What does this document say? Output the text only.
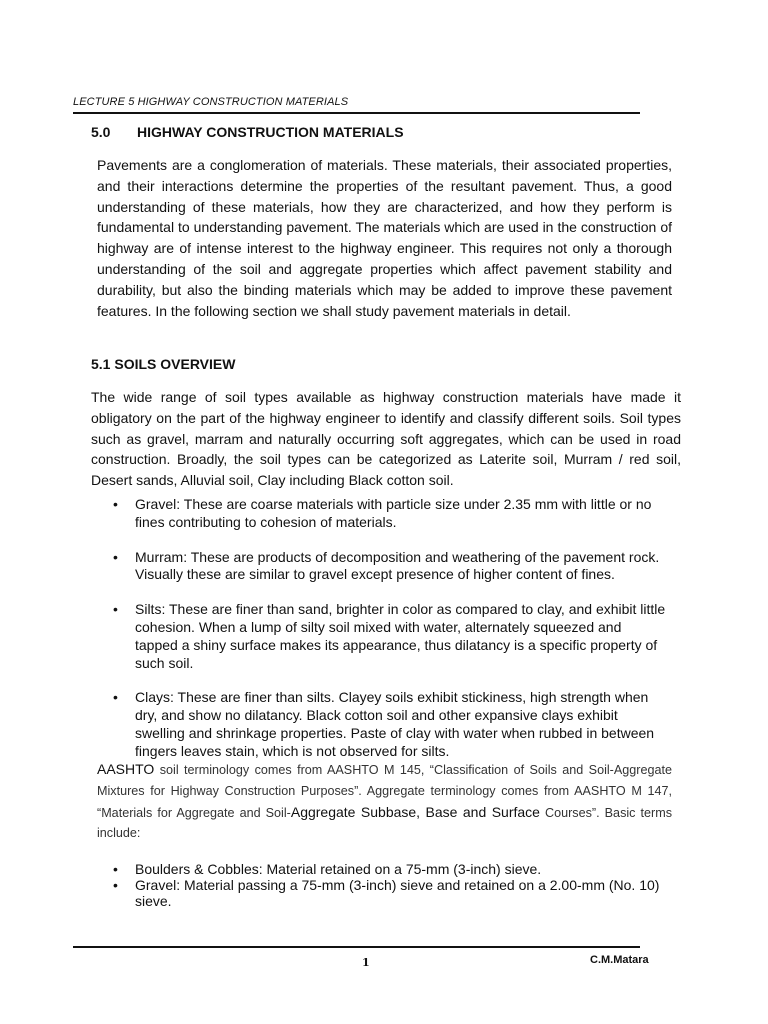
LECTURE 5 HIGHWAY CONSTRUCTION MATERIALS
5.0 HIGHWAY CONSTRUCTION MATERIALS

Pavements are a conglomeration of materials. These materials, their associated properties, and their interactions determine the properties of the resultant pavement. Thus, a good understanding of these materials, how they are characterized, and how they perform is fundamental to understanding pavement. The materials which are used in the construction of highway are of intense interest to the highway engineer. This requires not only a thorough understanding of the soil and aggregate properties which affect pavement stability and durability, but also the binding materials which may be added to improve these pavement features. In the following section we shall study pavement materials in detail.

5.1 SOILS OVERVIEW

The wide range of soil types available as highway construction materials have made it obligatory on the part of the highway engineer to identify and classify different soils. Soil types such as gravel, marram and naturally occurring soft aggregates, which can be used in road construction. Broadly, the soil types can be categorized as Laterite soil, Murram / red soil, Desert sands, Alluvial soil, Clay including Black cotton soil.

• Gravel: These are coarse materials with particle size under 2.35 mm with little or no fines contributing to cohesion of materials.
• Murram: These are products of decomposition and weathering of the pavement rock. Visually these are similar to gravel except presence of higher content of fines.
• Silts: These are finer than sand, brighter in color as compared to clay, and exhibit little cohesion. When a lump of silty soil mixed with water, alternately squeezed and tapped a shiny surface makes its appearance, thus dilatancy is a specific property of such soil.
• Clays: These are finer than silts. Clayey soils exhibit stickiness, high strength when dry, and show no dilatancy. Black cotton soil and other expansive clays exhibit swelling and shrinkage properties. Paste of clay with water when rubbed in between fingers leaves stain, which is not observed for silts.

AASHTO soil terminology comes from AASHTO M 145, “Classification of Soils and Soil-Aggregate Mixtures for Highway Construction Purposes”. Aggregate terminology comes from AASHTO M 147, “Materials for Aggregate and Soil-Aggregate Subbase, Base and Surface Courses”. Basic terms include:

• Boulders & Cobbles: Material retained on a 75-mm (3-inch) sieve.
• Gravel: Material passing a 75-mm (3-inch) sieve and retained on a 2.00-mm (No. 10) sieve.
1	C.M.Matara
